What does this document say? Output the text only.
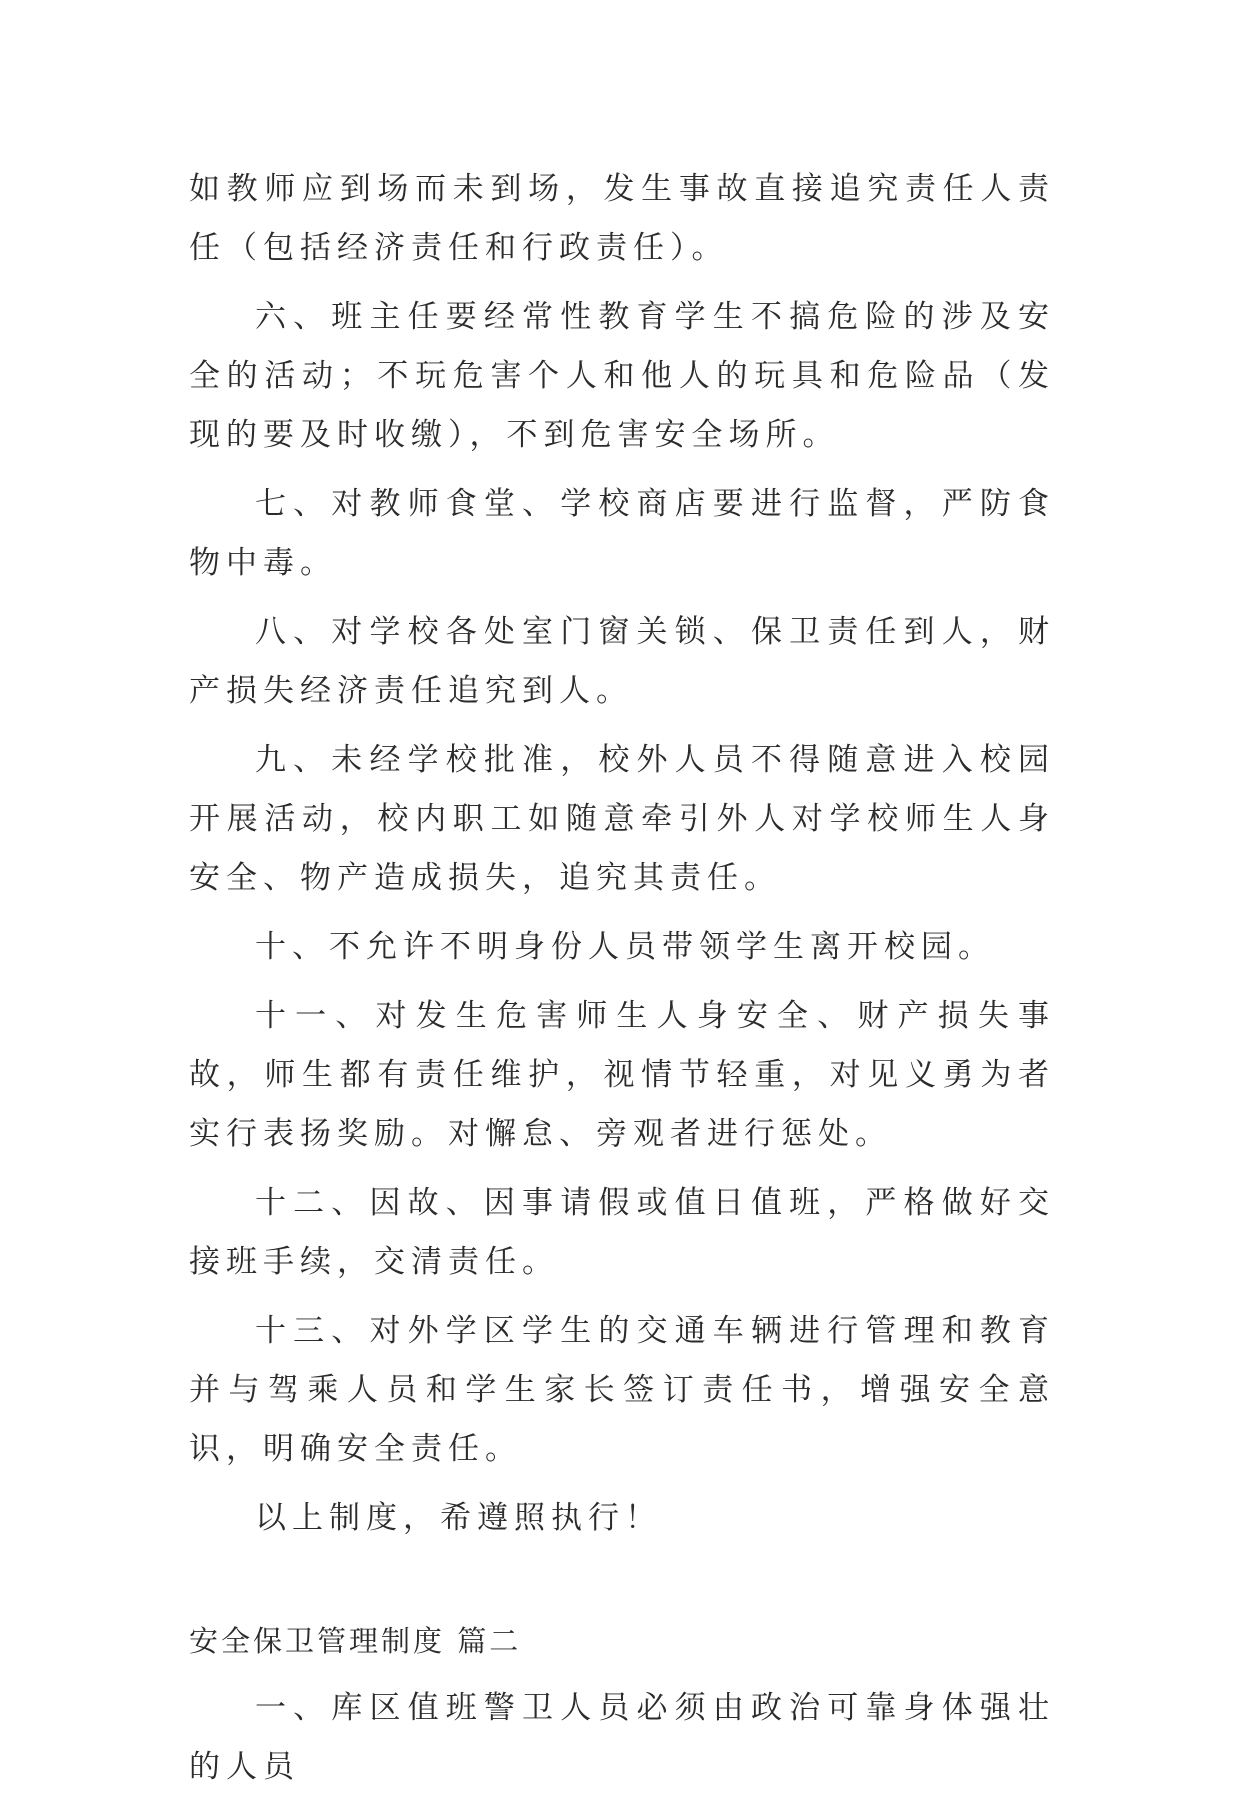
如教师应到场而未到场，发生事故直接追究责任人责任（包括经济责任和行政责任）。

六、班主任要经常性教育学生不搞危险的涉及安全的活动；不玩危害个人和他人的玩具和危险品（发现的要及时收缴），不到危害安全场所。

七、对教师食堂、学校商店要进行监督，严防食物中毒。

八、对学校各处室门窗关锁、保卫责任到人，财产损失经济责任追究到人。

九、未经学校批准，校外人员不得随意进入校园开展活动，校内职工如随意牵引外人对学校师生人身安全、物产造成损失，追究其责任。

十、不允许不明身份人员带领学生离开校园。

十一、对发生危害师生人身安全、财产损失事故，师生都有责任维护，视情节轻重，对见义勇为者实行表扬奖励。对懈怠、旁观者进行惩处。

十二、因故、因事请假或值日值班，严格做好交接班手续，交清责任。

十三、对外学区学生的交通车辆进行管理和教育并与驾乘人员和学生家长签订责任书，增强安全意识，明确安全责任。

以上制度，希遵照执行！

安全保卫管理制度 篇二

一、库区值班警卫人员必须由政治可靠身体强壮的人员
